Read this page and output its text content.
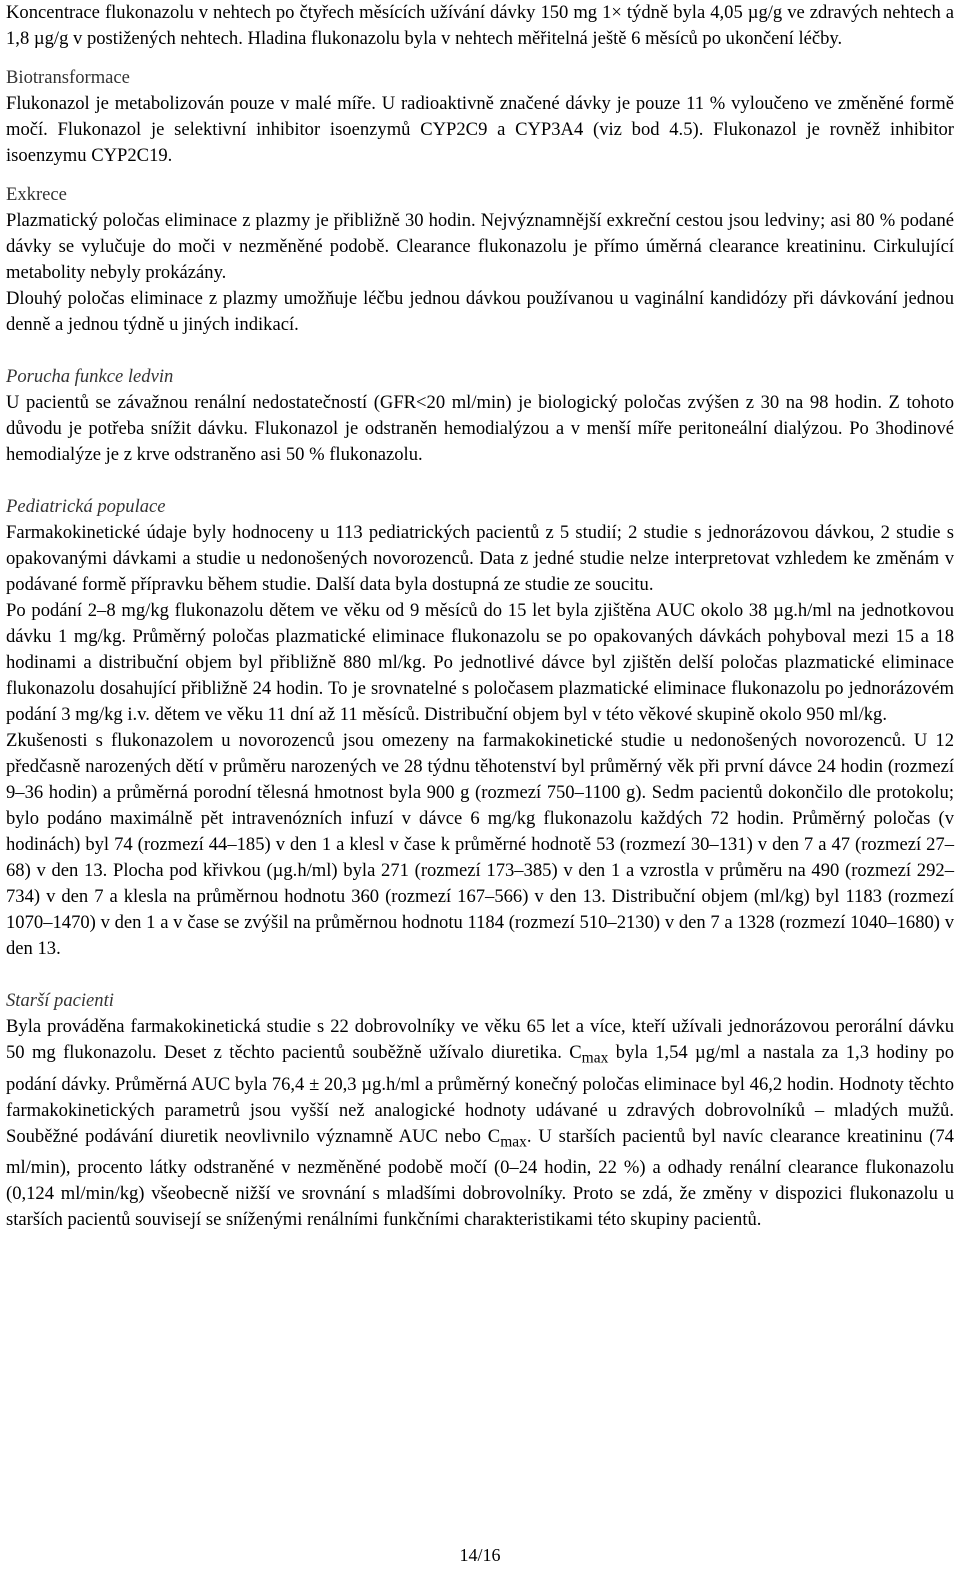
Koncentrace flukonazolu v nehtech po čtyřech měsících užívání dávky 150 mg 1× týdně byla 4,05 µg/g ve zdravých nehtech a 1,8 µg/g v postižených nehtech. Hladina flukonazolu byla v nehtech měřitelná ještě 6 měsíců po ukončení léčby.

Biotransformace

Flukonazol je metabolizován pouze v malé míře. U radioaktivně značené dávky je pouze 11 % vyloučeno ve změněné formě močí. Flukonazol je selektivní inhibitor isoenzymů CYP2C9 a CYP3A4 (viz bod 4.5). Flukonazol je rovněž inhibitor isoenzymu CYP2C19.

Exkrece

Plazmatický poločas eliminace z plazmy je přibližně 30 hodin. Nejvýznamnější exkreční cestou jsou ledviny; asi 80 % podané dávky se vylučuje do moči v nezměněné podobě. Clearance flukonazolu je přímo úměrná clearance kreatininu. Cirkulující metabolity nebyly prokázány.

Dlouhý poločas eliminace z plazmy umožňuje léčbu jednou dávkou používanou u vaginální kandidózy při dávkování jednou denně a jednou týdně u jiných indikací.

Porucha funkce ledvin

U pacientů se závažnou renální nedostatečností (GFR<20 ml/min) je biologický poločas zvýšen z 30 na 98 hodin. Z tohoto důvodu je potřeba snížit dávku. Flukonazol je odstraněn hemodialýzou a v menší míře peritoneální dialýzou. Po 3hodinové hemodialýze je z krve odstraněno asi 50 % flukonazolu.

Pediatrická populace

Farmakokinetické údaje byly hodnoceny u 113 pediatrických pacientů z 5 studií; 2 studie s jednorázovou dávkou, 2 studie s opakovanými dávkami a studie u nedonošených novorozenců. Data z jedné studie nelze interpretovat vzhledem ke změnám v podávané formě přípravku během studie. Další data byla dostupná ze studie ze soucitu.

Po podání 2–8 mg/kg flukonazolu dětem ve věku od 9 měsíců do 15 let byla zjištěna AUC okolo 38 µg.h/ml na jednotkovou dávku 1 mg/kg. Průměrný poločas plazmatické eliminace flukonazolu se po opakovaných dávkách pohyboval mezi 15 a 18 hodinami a distribuční objem byl přibližně 880 ml/kg. Po jednotlivé dávce byl zjištěn delší poločas plazmatické eliminace flukonazolu dosahující přibližně 24 hodin. To je srovnatelné s poločasem plazmatické eliminace flukonazolu po jednorázovém podání 3 mg/kg i.v. dětem ve věku 11 dní až 11 měsíců. Distribuční objem byl v této věkové skupině okolo 950 ml/kg.

Zkušenosti s flukonazolem u novorozenců jsou omezeny na farmakokinetické studie u nedonošených novorozenců. U 12 předčasně narozených dětí v průměru narozených ve 28 týdnu těhotenství byl průměrný věk při první dávce 24 hodin (rozmezí 9–36 hodin) a průměrná porodní tělesná hmotnost byla 900 g (rozmezí 750–1100 g). Sedm pacientů dokončilo dle protokolu; bylo podáno maximálně pět intravenózních infuzí v dávce 6 mg/kg flukonazolu každých 72 hodin. Průměrný poločas (v hodinách) byl 74 (rozmezí 44–185) v den 1 a klesl v čase k průměrné hodnotě 53 (rozmezí 30–131) v den 7 a 47 (rozmezí 27–68) v den 13. Plocha pod křivkou (µg.h/ml) byla 271 (rozmezí 173–385) v den 1 a vzrostla v průměru na 490 (rozmezí 292–734) v den 7 a klesla na průměrnou hodnotu 360 (rozmezí 167–566) v den 13. Distribuční objem (ml/kg) byl 1183 (rozmezí 1070–1470) v den 1 a v čase se zvýšil na průměrnou hodnotu 1184 (rozmezí 510–2130) v den 7 a 1328 (rozmezí 1040–1680) v den 13.

Starší pacienti

Byla prováděna farmakokinetická studie s 22 dobrovolníky ve věku 65 let a více, kteří užívali jednorázovou perorální dávku 50 mg flukonazolu. Deset z těchto pacientů souběžně užívalo diuretika. $C_{max}$ byla 1,54 µg/ml a nastala za 1,3 hodiny po podání dávky. Průměrná AUC byla 76,4 ± 20,3 µg.h/ml a průměrný konečný poločas eliminace byl 46,2 hodin. Hodnoty těchto farmakokinetických parametrů jsou vyšší než analogické hodnoty udávané u zdravých dobrovolníků – mladých mužů. Souběžné podávání diuretik neovlivnilo významně AUC nebo $C_{max}$. U starších pacientů byl navíc clearance kreatininu (74 ml/min), procento látky odstraněné v nezměněné podobě močí (0–24 hodin, 22 %) a odhady renální clearance flukonazolu (0,124 ml/min/kg) všeobecně nižší ve srovnání s mladšími dobrovolníky. Proto se zdá, že změny v dispozici flukonazolu u starších pacientů souvisejí se sníženými renálními funkčními charakteristikami této skupiny pacientů.

14/16
